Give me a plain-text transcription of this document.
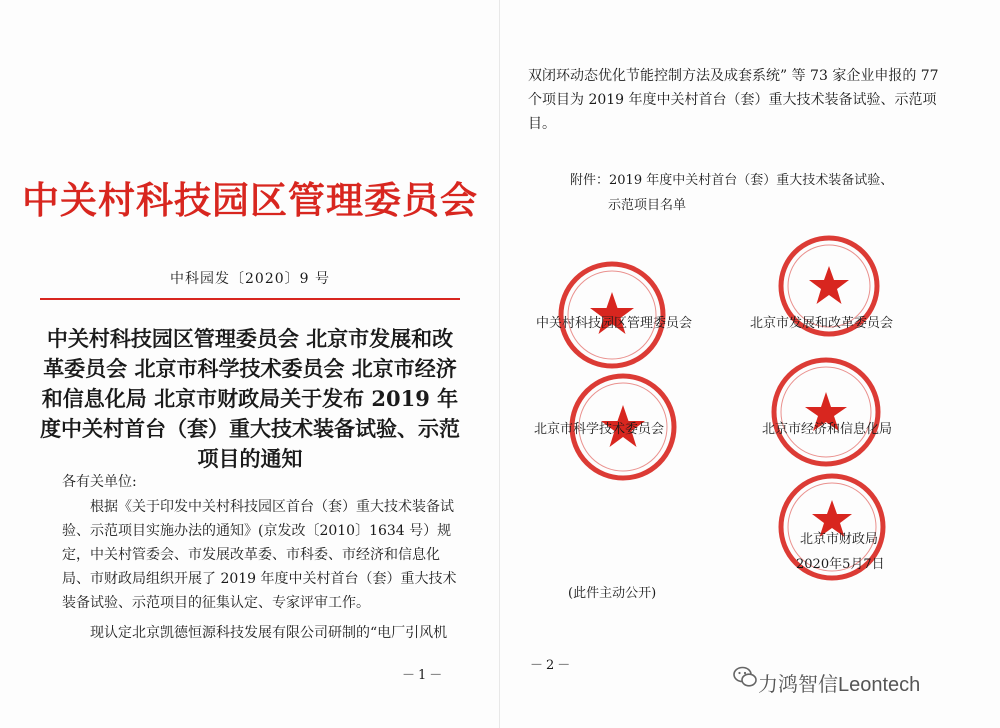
中关村科技园区管理委员会
中科园发〔2020〕9 号
中关村科技园区管理委员会 北京市发展和改革委员会 北京市科学技术委员会 北京市经济和信息化局 北京市财政局关于发布 2019 年度中关村首台（套）重大技术装备试验、示范项目的通知
各有关单位:
根据《关于印发中关村科技园区首台（套）重大技术装备试验、示范项目实施办法的通知》(京发改〔2010〕1634 号）规定，中关村管委会、市发展改革委、市科委、市经济和信息化局、市财政局组织开展了 2019 年度中关村首台（套）重大技术装备试验、示范项目的征集认定、专家评审工作。
现认定北京凯德恒源科技发展有限公司研制的“电厂引风机
－1－
双闭环动态优化节能控制方法及成套系统” 等 73 家企业申报的 77 个项目为 2019 年度中关村首台（套）重大技术装备试验、示范项目。
附件：2019 年度中关村首台（套）重大技术装备试验、
示范项目名单
中关村科技园区管理委员会	北京市发展和改革委员会
北京市科学技术委员会	北京市经济和信息化局
北京市财政局
2020年5月7日
(此件主动公开)
－2－
力鸿智信Leontech
